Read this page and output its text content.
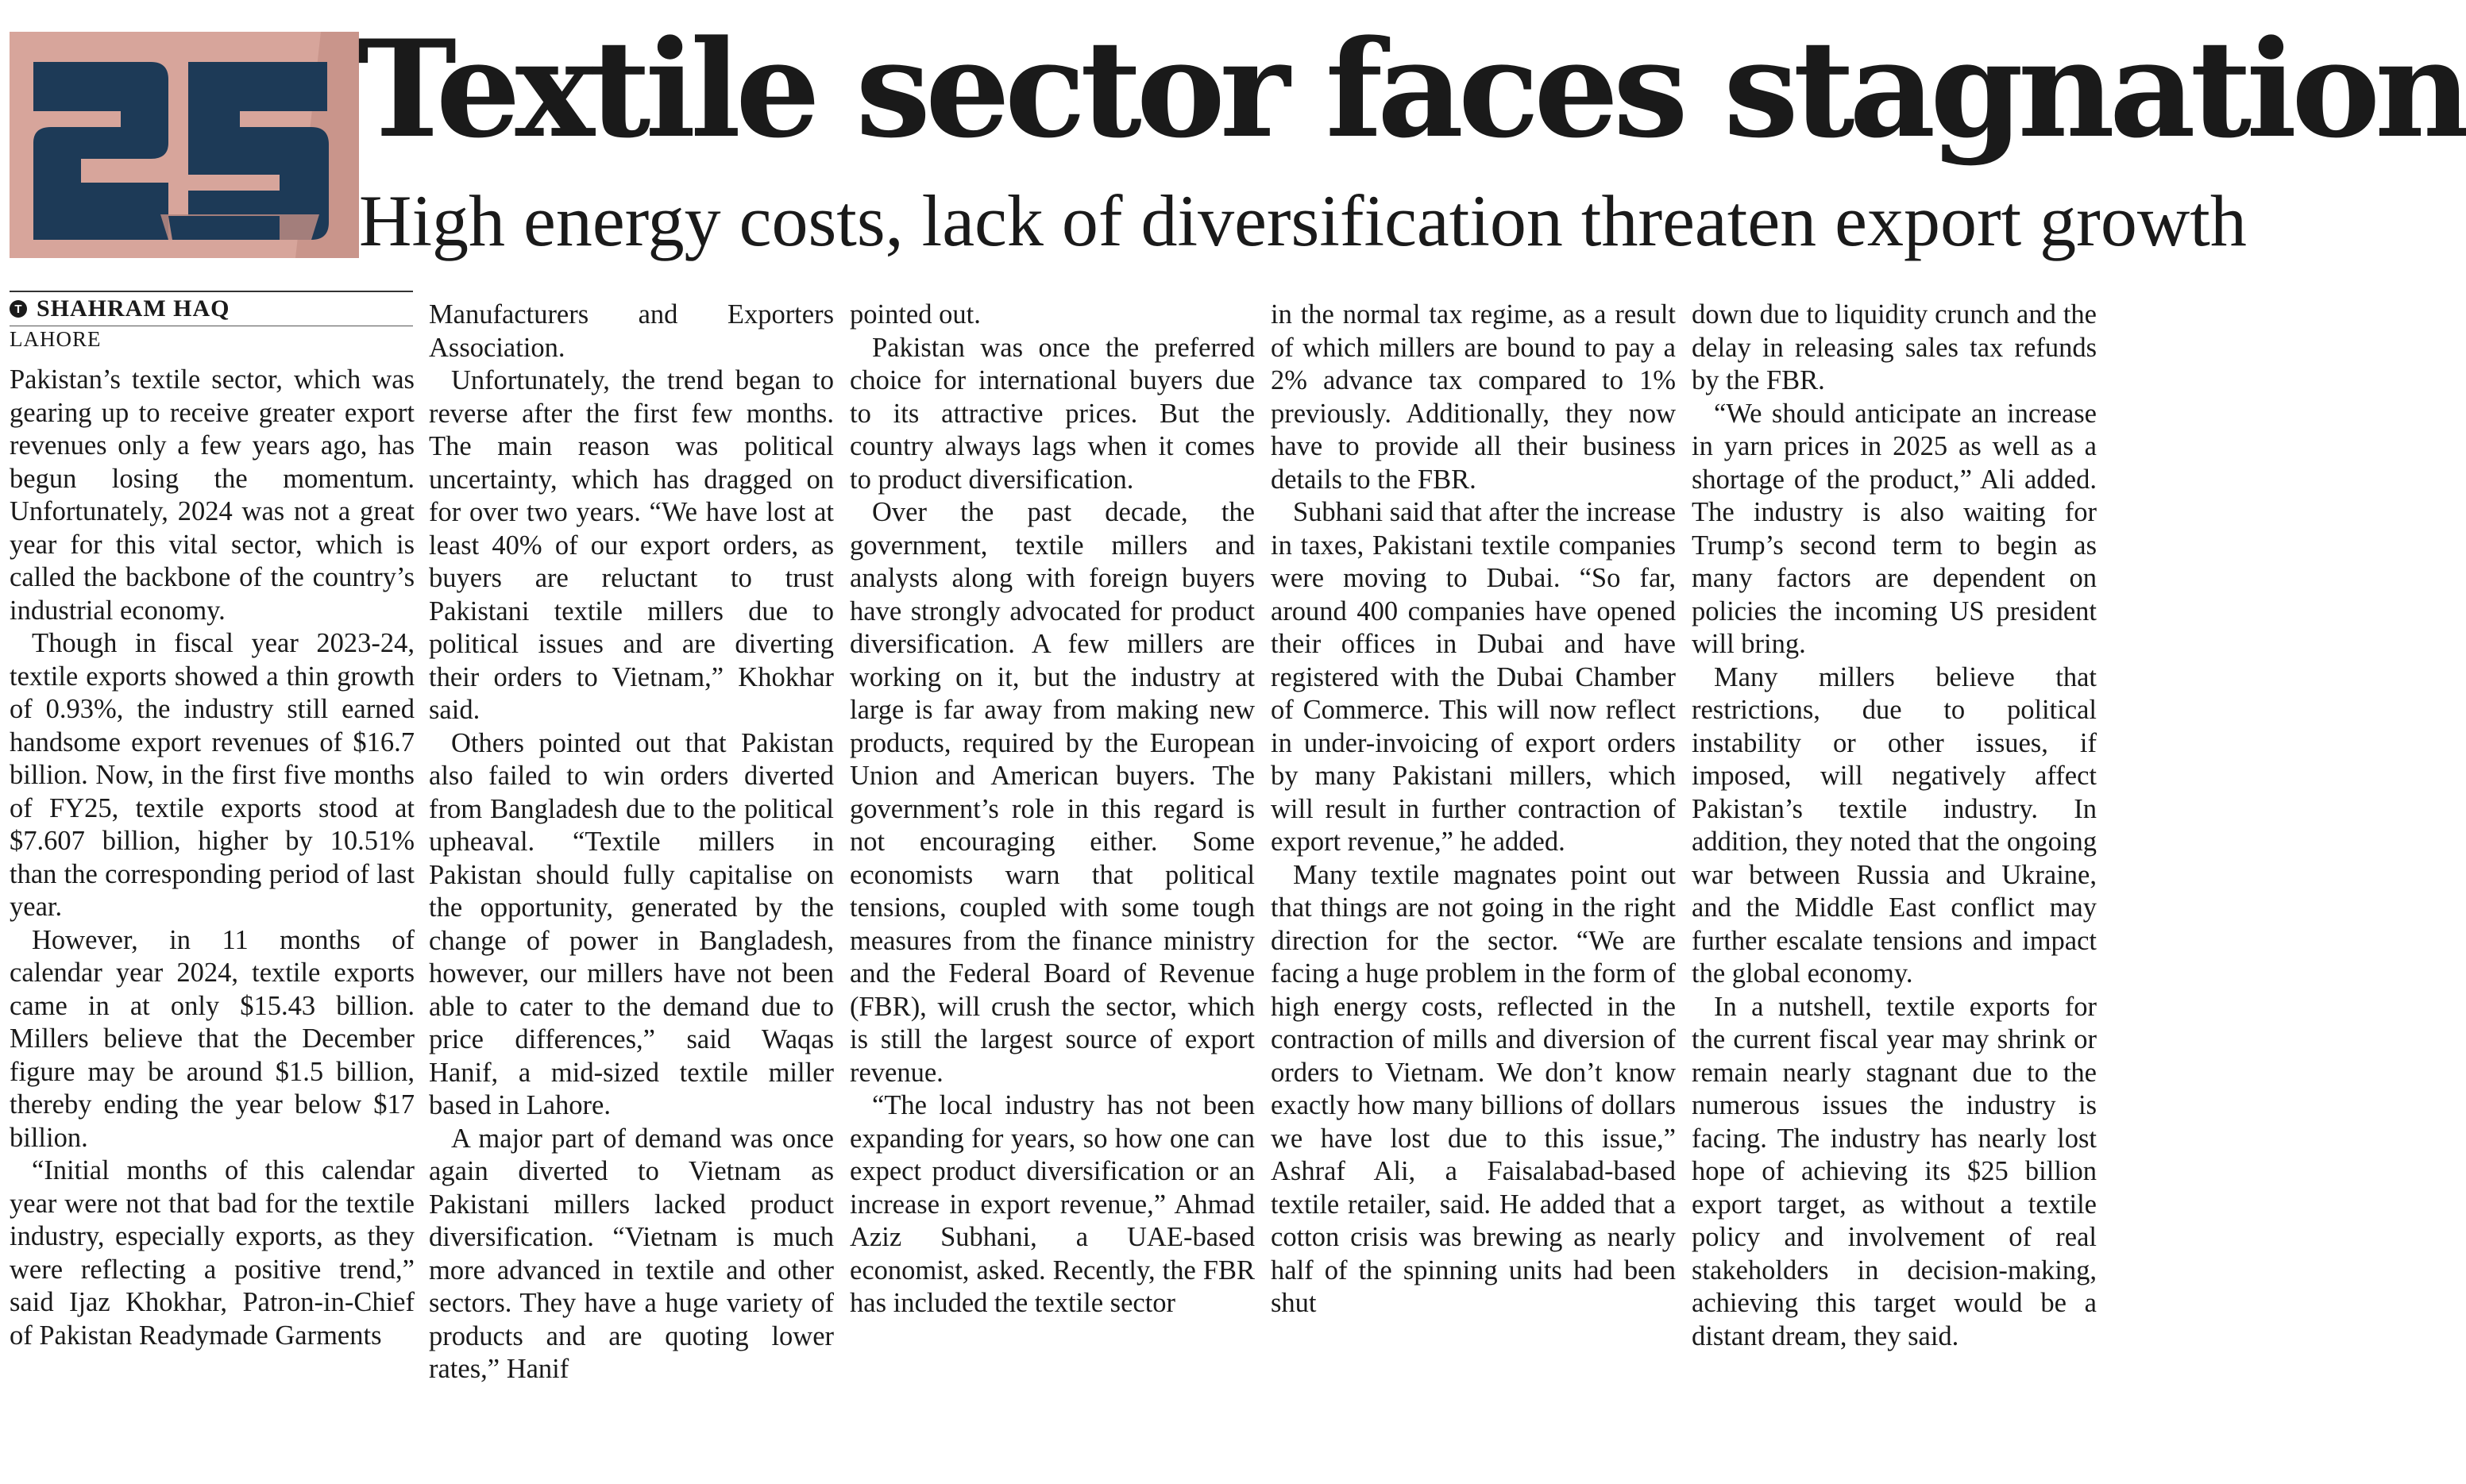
Textile sector faces stagnation
High energy costs, lack of diversification threaten export growth
T SHAHRAM HAQ
LAHORE

Pakistan’s textile sector, which was gearing up to receive greater export revenues only a few years ago, has begun losing the momentum. Unfortunately, 2024 was not a great year for this vital sector, which is called the backbone of the country’s industrial economy.

Though in fiscal year 2023-24, textile exports showed a thin growth of 0.93%, the industry still earned handsome export revenues of $16.7 billion. Now, in the first five months of FY25, textile exports stood at $7.607 billion, higher by 10.51% than the corresponding period of last year.

However, in 11 months of calendar year 2024, textile exports came in at only $15.43 billion. Millers believe that the December figure may be around $1.5 billion, thereby ending the year below $17 billion.

“Initial months of this calendar year were not that bad for the textile industry, especially exports, as they were reflecting a positive trend,” said Ijaz Khokhar, Patron-in-Chief of Pakistan Readymade Garments

Manufacturers and Exporters Association.

Unfortunately, the trend began to reverse after the first few months. The main reason was political uncertainty, which has dragged on for over two years. “We have lost at least 40% of our export orders, as buyers are reluctant to trust Pakistani textile millers due to political issues and are diverting their orders to Vietnam,” Khokhar said.

Others pointed out that Pakistan also failed to win orders diverted from Bangladesh due to the political upheaval. “Textile millers in Pakistan should fully capitalise on the opportunity, generated by the change of power in Bangladesh, however, our millers have not been able to cater to the demand due to price differences,” said Waqas Hanif, a mid-sized textile miller based in Lahore.

A major part of demand was once again diverted to Vietnam as Pakistani millers lacked product diversification. “Vietnam is much more advanced in textile and other sectors. They have a huge variety of products and are quoting lower rates,” Hanif

pointed out.

Pakistan was once the preferred choice for international buyers due to its attractive prices. But the country always lags when it comes to product diversification.

Over the past decade, the government, textile millers and analysts along with foreign buyers have strongly advocated for product diversification. A few millers are working on it, but the industry at large is far away from making new products, required by the European Union and American buyers. The government’s role in this regard is not encouraging either. Some economists warn that political tensions, coupled with some tough measures from the finance ministry and the Federal Board of Revenue (FBR), will crush the sector, which is still the largest source of export revenue.

“The local industry has not been expanding for years, so how one can expect product diversification or an increase in export revenue,” Ahmad Aziz Subhani, a UAE-based economist, asked. Recently, the FBR has included the textile sector

in the normal tax regime, as a result of which millers are bound to pay a 2% advance tax compared to 1% previously. Additionally, they now have to provide all their business details to the FBR.

Subhani said that after the increase in taxes, Pakistani textile companies were moving to Dubai. “So far, around 400 companies have opened their offices in Dubai and have registered with the Dubai Chamber of Commerce. This will now reflect in under-invoicing of export orders by many Pakistani millers, which will result in further contraction of export revenue,” he added.

Many textile magnates point out that things are not going in the right direction for the sector. “We are facing a huge problem in the form of high energy costs, reflected in the contraction of mills and diversion of orders to Vietnam. We don’t know exactly how many billions of dollars we have lost due to this issue,” Ashraf Ali, a Faisalabad-based textile retailer, said. He added that a cotton crisis was brewing as nearly half of the spinning units had been shut

down due to liquidity crunch and the delay in releasing sales tax refunds by the FBR.

“We should anticipate an increase in yarn prices in 2025 as well as a shortage of the product,” Ali added. The industry is also waiting for Trump’s second term to begin as many factors are dependent on policies the incoming US president will bring.

Many millers believe that restrictions, due to political instability or other issues, if imposed, will negatively affect Pakistan’s textile industry. In addition, they noted that the ongoing war between Russia and Ukraine, and the Middle East conflict may further escalate tensions and impact the global economy.

In a nutshell, textile exports for the current fiscal year may shrink or remain nearly stagnant due to the numerous issues the industry is facing. The industry has nearly lost hope of achieving its $25 billion export target, as without a textile policy and involvement of real stakeholders in decision-making, achieving this target would be a distant dream, they said.
